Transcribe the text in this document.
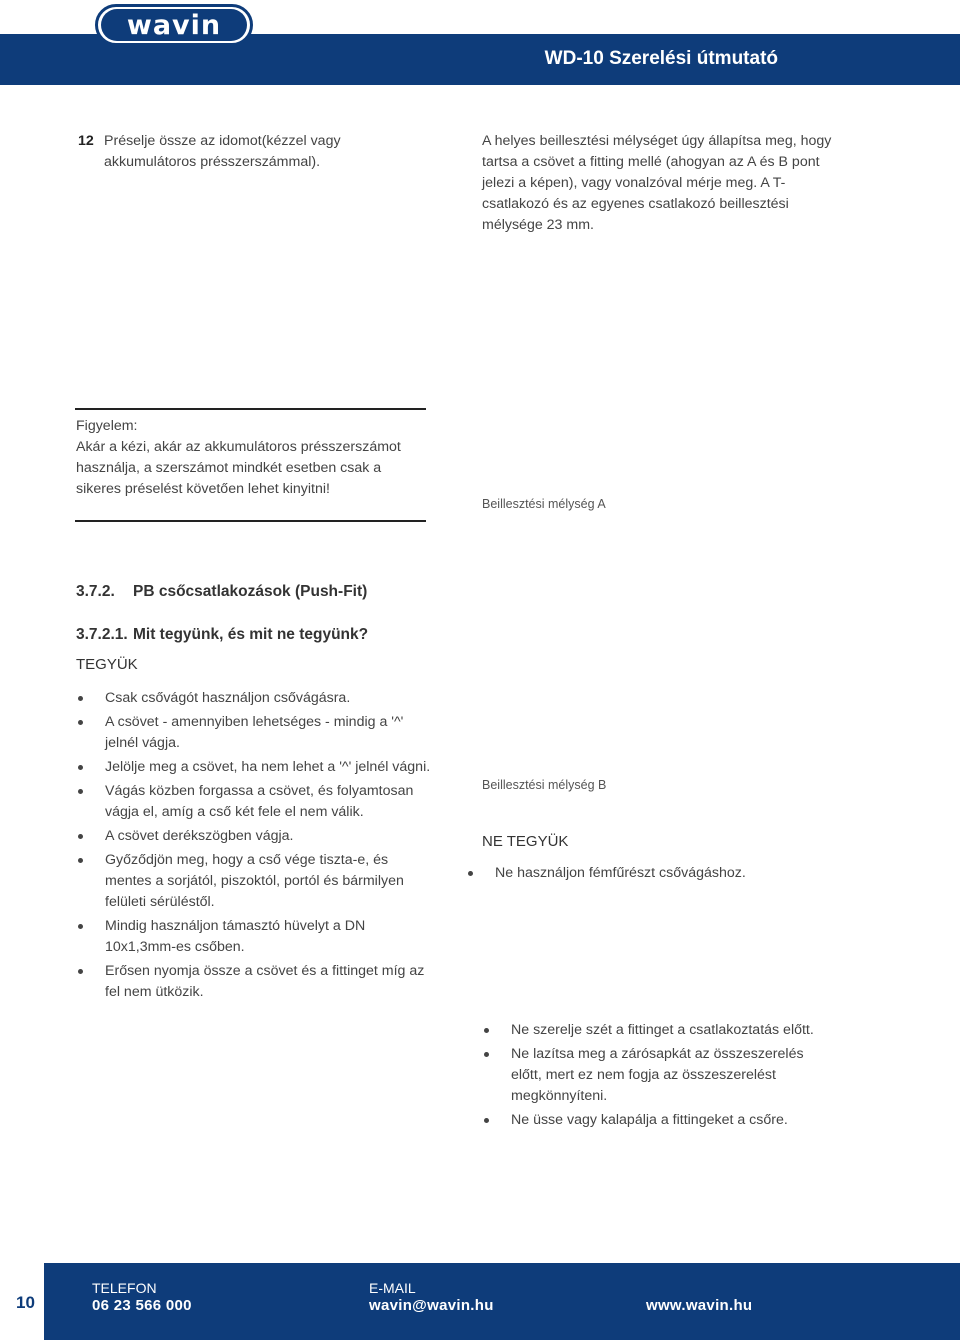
wavin
WD-10 Szerelési útmutató
12 Préselje össze az idomot(kézzel vagy akkumulátoros présszerszámmal).
A helyes beillesztési mélységet úgy állapítsa meg, hogy tartsa a csövet a fitting mellé (ahogyan az A és B pont jelezi a képen), vagy vonalzóval mérje meg. A T-csatlakozó és az egyenes csatlakozó beillesztési mélysége 23 mm.
Figyelem:
Akár a kézi, akár az akkumulátoros présszerszámot használja, a szerszámot mindkét esetben csak a sikeres préselést követően lehet kinyitni!
Beillesztési mélység A
3.7.2. PB csőcsatlakozások (Push-Fit)
3.7.2.1. Mit tegyünk, és mit ne tegyünk?
TEGYÜK
Csak csővágót használjon csővágásra.
A csövet - amennyiben lehetséges - mindig a '^' jelnél vágja.
Jelölje meg a csövet, ha nem lehet a '^' jelnél vágni.
Vágás közben forgassa a csövet, és folyamtosan vágja el, amíg a cső két fele el nem válik.
A csövet derékszögben vágja.
Győződjön meg, hogy a cső vége tiszta-e, és mentes a sorjától, piszoktól, portól és bármilyen felületi sérüléstől.
Mindig használjon támasztó hüvelyt a DN 10x1,3mm-es csőben.
Erősen nyomja össze a csövet és a fittinget míg az fel nem ütközik.
Beillesztési mélység B
NE TEGYÜK
Ne használjon fémfűrészt csővágáshoz.
Ne szerelje szét a fittinget a csatlakoztatás előtt.
Ne lazítsa meg a zárósapkát az összeszerelés előtt, mert ez nem fogja az összeszerelést megkönnyíteni.
Ne üsse vagy kalapálja a fittingeket a csőre.
10
TELEFON
06 23 566 000
E-MAIL
wavin@wavin.hu	www.wavin.hu
